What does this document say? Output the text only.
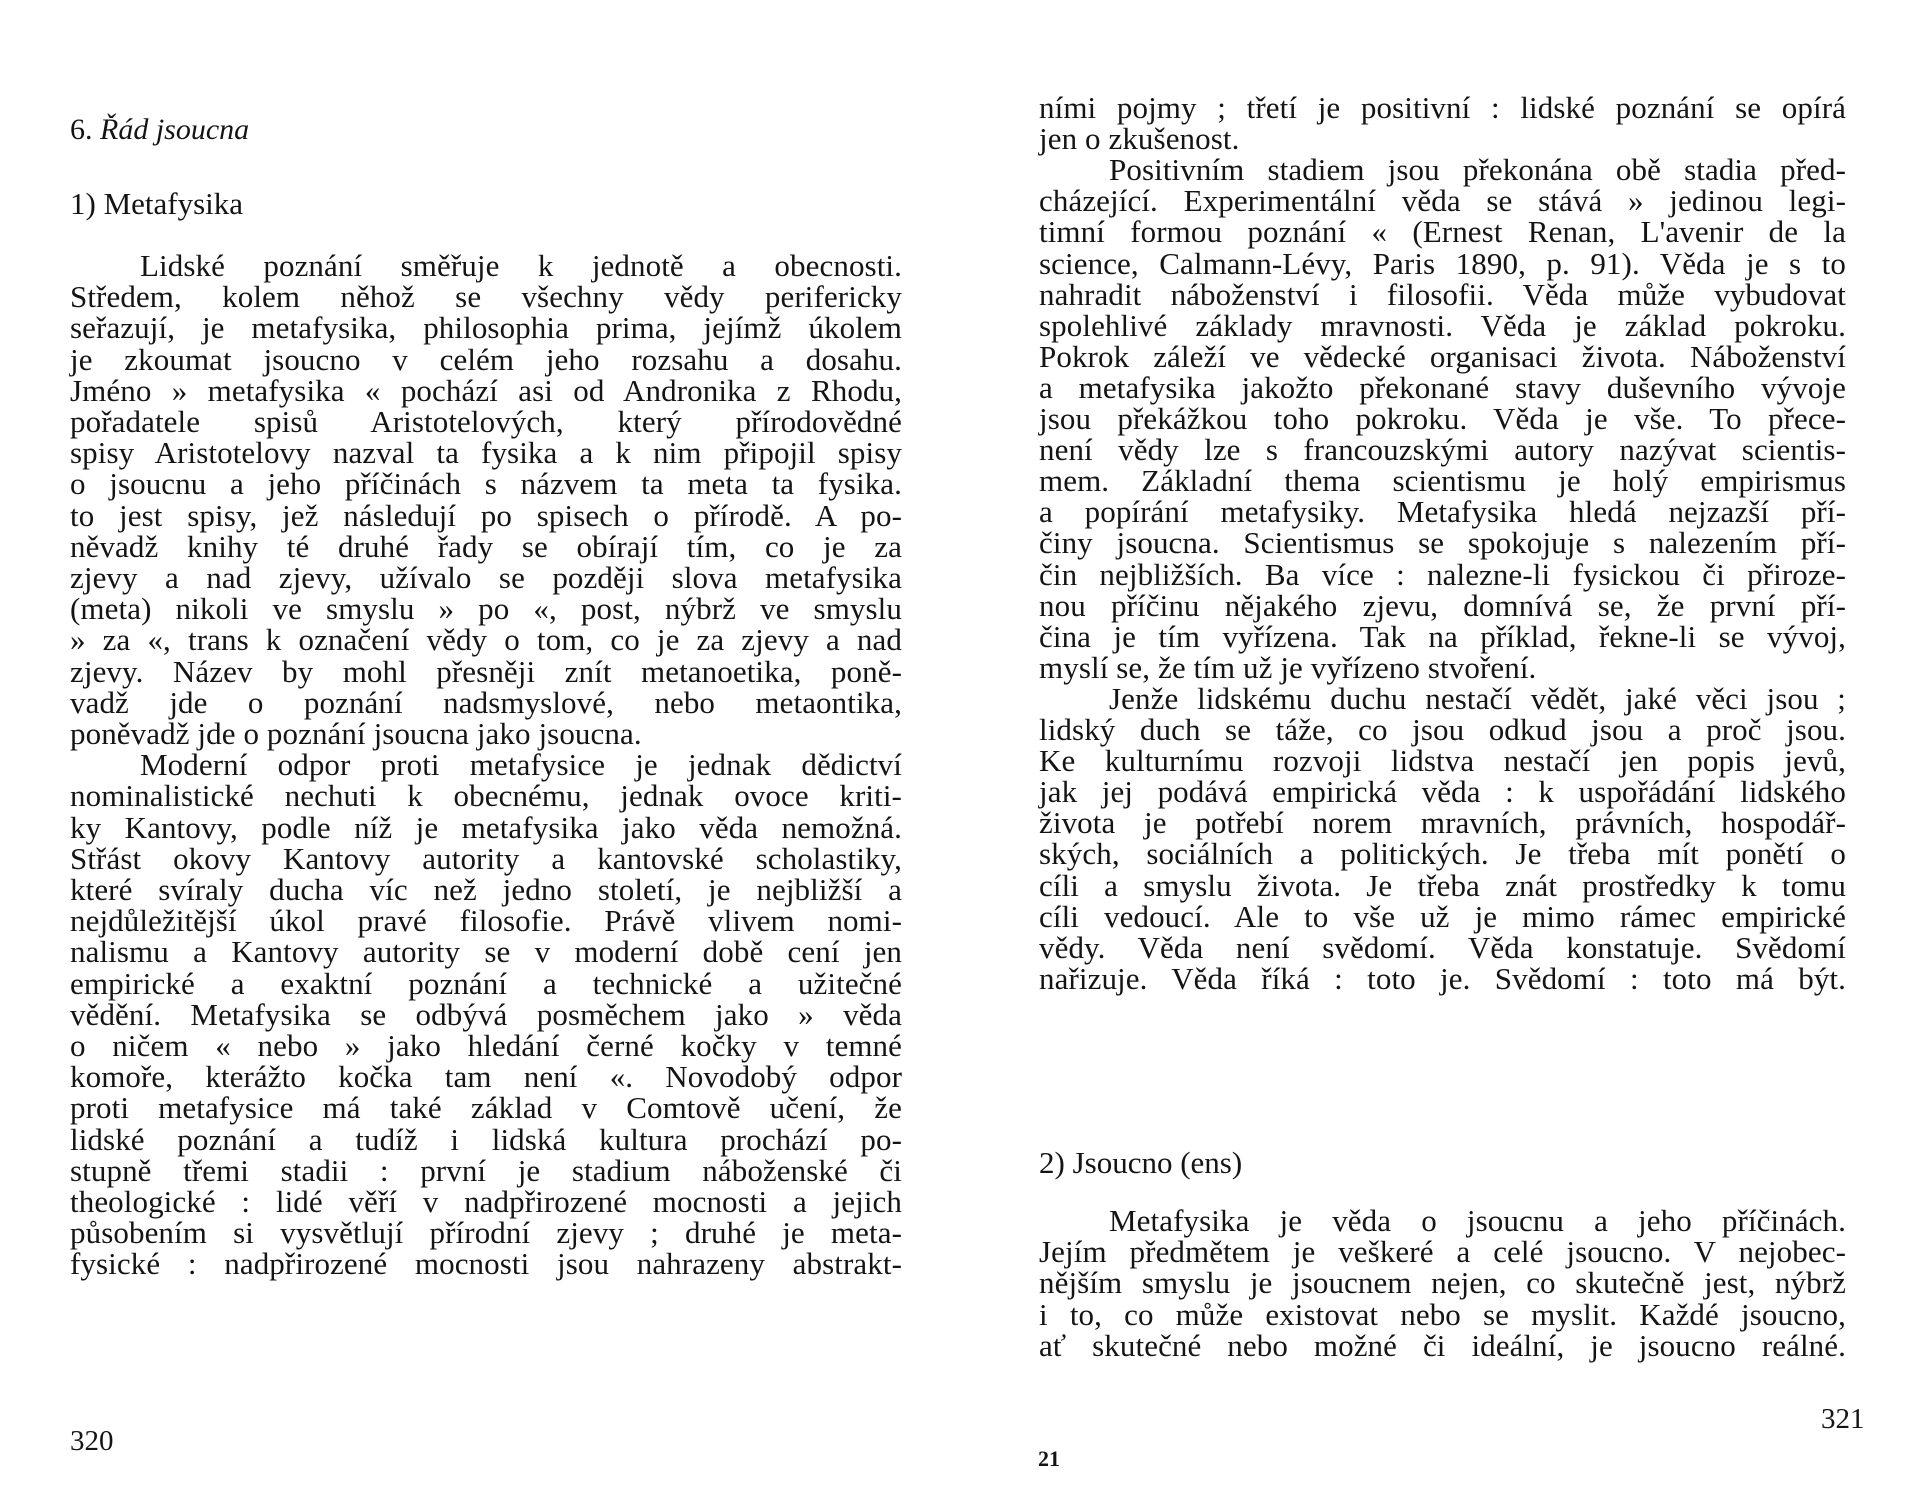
6. Řád jsoucna
1) Metafysika
Lidské poznání směřuje k jednotě a obecnosti.
Středem, kolem něhož se všechny vědy perifericky
seřazují, je metafysika, philosophia prima, jejímž úkolem
je zkoumat jsoucno v celém jeho rozsahu a dosahu.
Jméno » metafysika « pochází asi od Andronika z Rhodu,
pořadatele spisů Aristotelových, který přírodovědné
spisy Aristotelovy nazval ta fysika a k nim připojil spisy
o jsoucnu a jeho příčinách s názvem ta meta ta fysika.
to jest spisy, jež následují po spisech o přírodě. A po-
něvadž knihy té druhé řady se obírají tím, co je za
zjevy a nad zjevy, užívalo se později slova metafysika
(meta) nikoli ve smyslu » po «, post, nýbrž ve smyslu
» za «, trans k označení vědy o tom, co je za zjevy a nad
zjevy. Název by mohl přesněji znít metanoetika, poně-
vadž jde o poznání nadsmyslové, nebo metaontika,
poněvadž jde o poznání jsoucna jako jsoucna.
Moderní odpor proti metafysice je jednak dědictví
nominalistické nechuti k obecnému, jednak ovoce kriti-
ky Kantovy, podle níž je metafysika jako věda nemožná.
Střást okovy Kantovy autority a kantovské scholastiky,
které svíraly ducha víc než jedno století, je nejbližší a
nejdůležitější úkol pravé filosofie. Právě vlivem nomi-
nalismu a Kantovy autority se v moderní době cení jen
empirické a exaktní poznání a technické a užitečné
vědění. Metafysika se odbývá posměchem jako » věda
o ničem « nebo » jako hledání černé kočky v temné
komoře, kterážto kočka tam není «. Novodobý odpor
proti metafysice má také základ v Comtově učení, že
lidské poznání a tudíž i lidská kultura prochází po-
stupně třemi stadii : první je stadium náboženské či
theologické : lidé věří v nadpřirozené mocnosti a jejich
působením si vysvětlují přírodní zjevy ; druhé je meta-
fysické : nadpřirozené mocnosti jsou nahrazeny abstrakt-
320
ními pojmy ; třetí je positivní : lidské poznání se opírá
jen o zkušenost.
Positivním stadiem jsou překonána obě stadia před-
cházející. Experimentální věda se stává » jedinou legi-
timní formou poznání « (Ernest Renan, L'avenir de la
science, Calmann-Lévy, Paris 1890, p. 91). Věda je s to
nahradit náboženství i filosofii. Věda může vybudovat
spolehlivé základy mravnosti. Věda je základ pokroku.
Pokrok záleží ve vědecké organisaci života. Náboženství
a metafysika jakožto překonané stavy duševního vývoje
jsou překážkou toho pokroku. Věda je vše. To přece-
není vědy lze s francouzskými autory nazývat scientis-
mem. Základní thema scientismu je holý empirismus
a popírání metafysiky. Metafysika hledá nejzazší pří-
činy jsoucna. Scientismus se spokojuje s nalezením pří-
čin nejbližších. Ba více : nalezne-li fysickou či přiroze-
nou příčinu nějakého zjevu, domnívá se, že první pří-
čina je tím vyřízena. Tak na příklad, řekne-li se vývoj,
myslí se, že tím už je vyřízeno stvoření.
Jenže lidskému duchu nestačí vědět, jaké věci jsou ;
lidský duch se táže, co jsou odkud jsou a proč jsou.
Ke kulturnímu rozvoji lidstva nestačí jen popis jevů,
jak jej podává empirická věda : k uspořádání lidského
života je potřebí norem mravních, právních, hospodář-
ských, sociálních a politických. Je třeba mít ponětí o
cíli a smyslu života. Je třeba znát prostředky k tomu
cíli vedoucí. Ale to vše už je mimo rámec empirické
vědy. Věda není svědomí. Věda konstatuje. Svědomí
nařizuje. Věda říká : toto je. Svědomí : toto má být.
2) Jsoucno (ens)
Metafysika je věda o jsoucnu a jeho příčinách.
Jejím předmětem je veškeré a celé jsoucno. V nejobec-
nějším smyslu je jsoucnem nejen, co skutečně jest, nýbrž
i to, co může existovat nebo se myslit. Každé jsoucno,
ať skutečné nebo možné či ideální, je jsoucno reálné.
321
21
